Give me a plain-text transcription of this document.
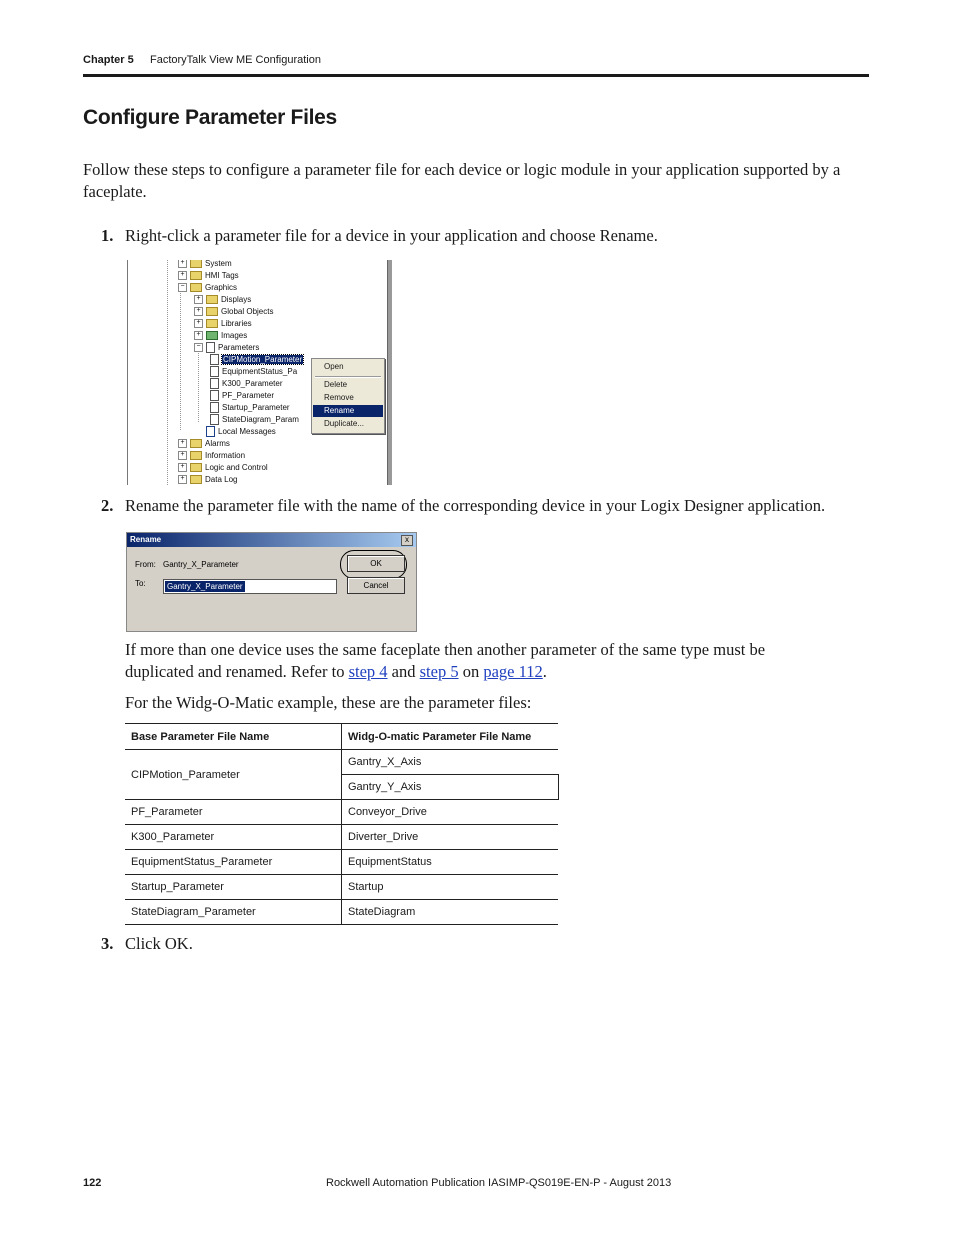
Chapter 5 FactoryTalk View ME Configuration
Configure Parameter Files
Follow these steps to configure a parameter file for each device or logic module in your application supported by a faceplate.
1. Right-click a parameter file for a device in your application and choose Rename.
+	System
+	HMI Tags
−	Graphics
+	Displays
+	Global Objects
+	Libraries
+	Images
− Parameters
CIPMotion_Parameter
EquipmentStatus_Pa
K300_Parameter
PF_Parameter
Startup_Parameter
StateDiagram_Param
Local Messages
+	Alarms
+	Information
+	Logic and Control
+	Data Log
Open
Delete
Remove
Rename
Duplicate...
2. Rename the parameter file with the name of the corresponding device in your Logix Designer application.
Rename	x
From: Gantry_X_Parameter
To:	Gantry_X_Parameter
OK
Cancel
If more than one device uses the same faceplate then another parameter of the same type must be duplicated and renamed. Refer to step 4 and step 5 on page 112.
For the Widg-O-Matic example, these are the parameter files:
Base Parameter File Name	Widg-O-matic Parameter File Name
CIPMotion_Parameter	Gantry_X_Axis
	Gantry_Y_Axis
PF_Parameter	Conveyor_Drive
K300_Parameter	Diverter_Drive
EquipmentStatus_Parameter	EquipmentStatus
Startup_Parameter	Startup
StateDiagram_Parameter	StateDiagram
3. Click OK.
122	Rockwell Automation Publication IASIMP-QS019E-EN-P - August 2013
